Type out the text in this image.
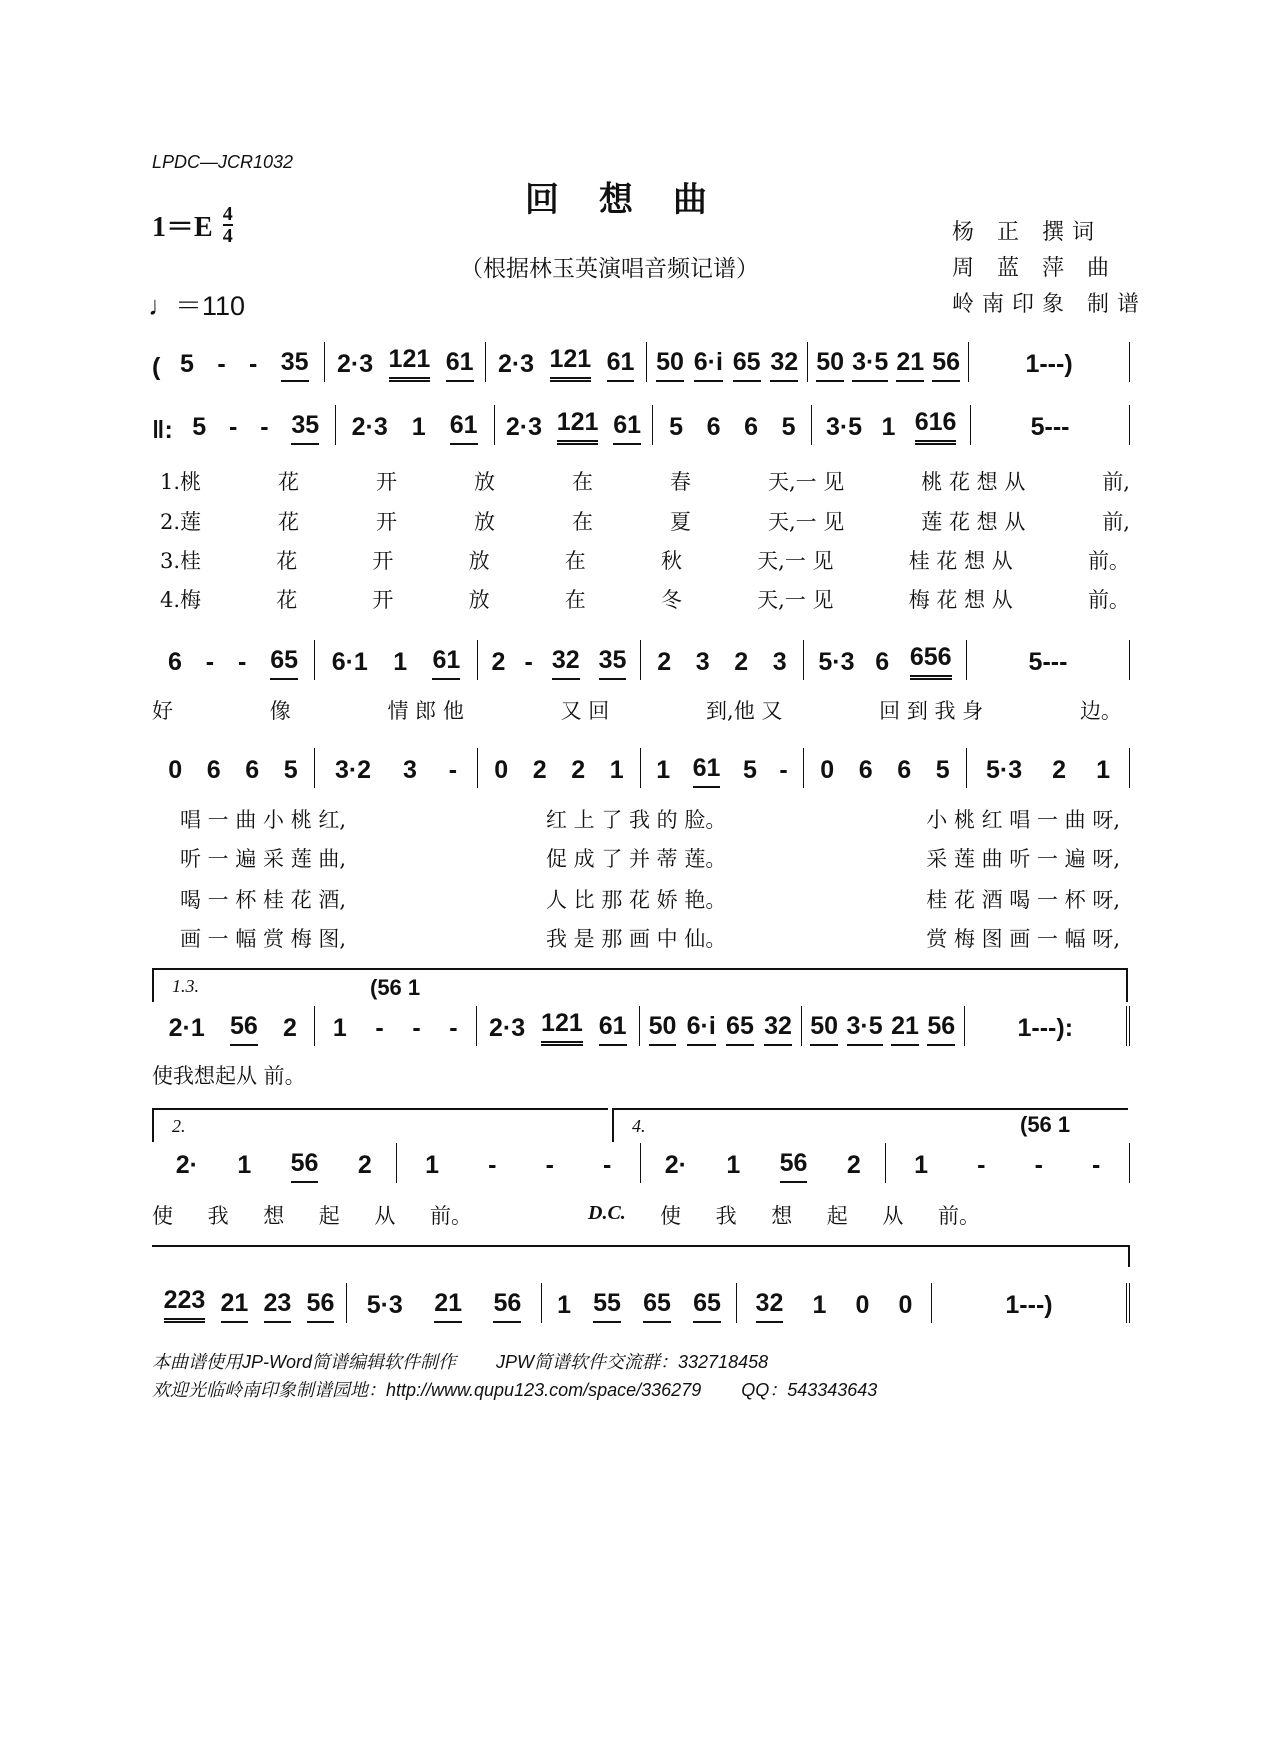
LPDC—JCR1032
回想曲
$1=E \frac{4}{4}$
（根据林玉英演唱音频记谱）
♩＝110
杨 正 撰词
周 蓝 萍 曲
岭南印象 制谱
( 5 - - 35 2·3 121 61 2·3 121 61 50 6·i 65 32 50 3·5 21 56	1---)
‖: 5 - - 35 2·3 1 61 2·3 121 61 5 6 6 5 3·5 1 616	5---
1.桃	花	开	放	在	春	天,一 见	桃 花 想 从	前,
2.莲	花	开	放	在	夏	天,一 见	莲 花 想 从	前,
3.桂	花	开	放	在	秋	天,一 见	桂 花 想 从	前。
4.梅	花	开	放	在	冬	天,一 见	梅 花 想 从	前。
6 - - 65 6·1 1 61 2 - 32 35 2 3 2 3 5·3 6 656	5---
好	像	情 郎 他	又 回	到,他 又	回 到 我 身	边。
0 6 6 5 3·2 3 - 0 2 2 1 1 61 5 - 0 6 6 5 5·3 2 1
唱 一 曲 小 桃 红,	红 上 了 我 的 脸。	小 桃 红 唱 一 曲 呀,
听 一 遍 采 莲 曲,	促 成 了 并 蒂 莲。	采 莲 曲 听 一 遍 呀,
喝 一 杯 桂 花 酒,	人 比 那 花 娇 艳。	桂 花 酒 喝 一 杯 呀,
画 一 幅 赏 梅 图,	我 是 那 画 中 仙。	赏 梅 图 画 一 幅 呀,
1.3.	(56 1
2·1 56 2 1 - - - 2·3 121 61 50 6·i 65 32 50 3·5 21 56 1---):
使我想起从 前。
2.	4.	(56 1
2· 1 56 2 1 - - - 2· 1 56 2 1 - - -
使 我 想 起 从 前。	D.C. 使 我 想 起 从 前。
223 21 23 56 5·3 21 56 1 55 65 65 32 1 0 0	1---)
本曲谱使用JP-Word简谱编辑软件制作 JPW简谱软件交流群：332718458
欢迎光临岭南印象制谱园地：http://www.qupu123.com/space/336279 QQ：543343643
